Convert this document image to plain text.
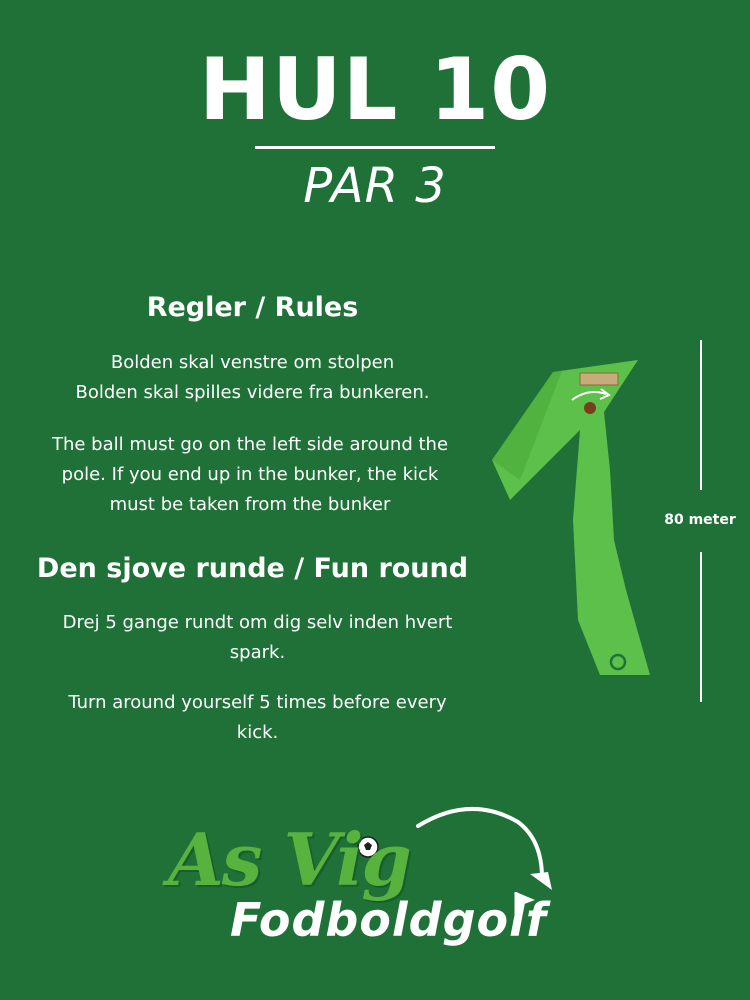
HUL 10
PAR 3
Regler / Rules

Bolden skal venstre om stolpen
Bolden skal spilles videre fra bunkeren.

The ball must go on the left side around the
pole. If you end up in the bunker, the kick
must be taken from the bunker

Den sjove runde / Fun round

Drej 5 gange rundt om dig selv inden hvert
spark.

Turn around yourself 5 times before every
kick.

80 meter
As Vig
Fodboldgolf
